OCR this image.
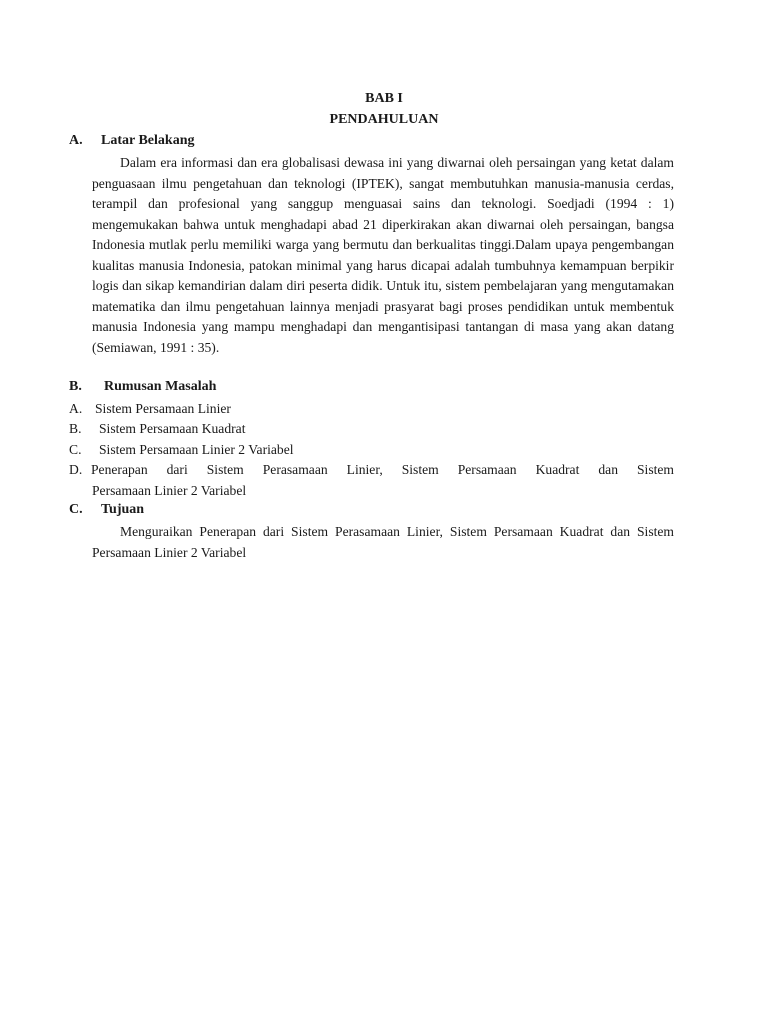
BAB I
PENDAHULUAN
A. Latar Belakang

Dalam era informasi dan era globalisasi dewasa ini yang diwarnai oleh persaingan yang ketat dalam penguasaan ilmu pengetahuan dan teknologi (IPTEK), sangat membutuhkan manusia-manusia cerdas, terampil dan profesional yang sanggup menguasai sains dan teknologi. Soedjadi (1994 : 1) mengemukakan bahwa untuk menghadapi abad 21 diperkirakan akan diwarnai oleh persaingan, bangsa Indonesia mutlak perlu memiliki warga yang bermutu dan berkualitas tinggi.Dalam upaya pengembangan kualitas manusia Indonesia, patokan minimal yang harus dicapai adalah tumbuhnya kemampuan berpikir logis dan sikap kemandirian dalam diri peserta didik. Untuk itu, sistem pembelajaran yang mengutamakan matematika dan ilmu pengetahuan lainnya menjadi prasyarat bagi proses pendidikan untuk membentuk manusia Indonesia yang mampu menghadapi dan mengantisipasi tantangan di masa yang akan datang (Semiawan, 1991 : 35).

B. Rumusan Masalah
A. Sistem Persamaan Linier
B. Sistem Persamaan Kuadrat
C. Sistem Persamaan Linier 2 Variabel
D. Penerapan dari Sistem Perasamaan Linier, Sistem Persamaan Kuadrat dan Sistem
Persamaan Linier 2 Variabel
C. Tujuan

Menguraikan Penerapan dari Sistem Perasamaan Linier, Sistem Persamaan Kuadrat dan Sistem Persamaan Linier 2 Variabel
